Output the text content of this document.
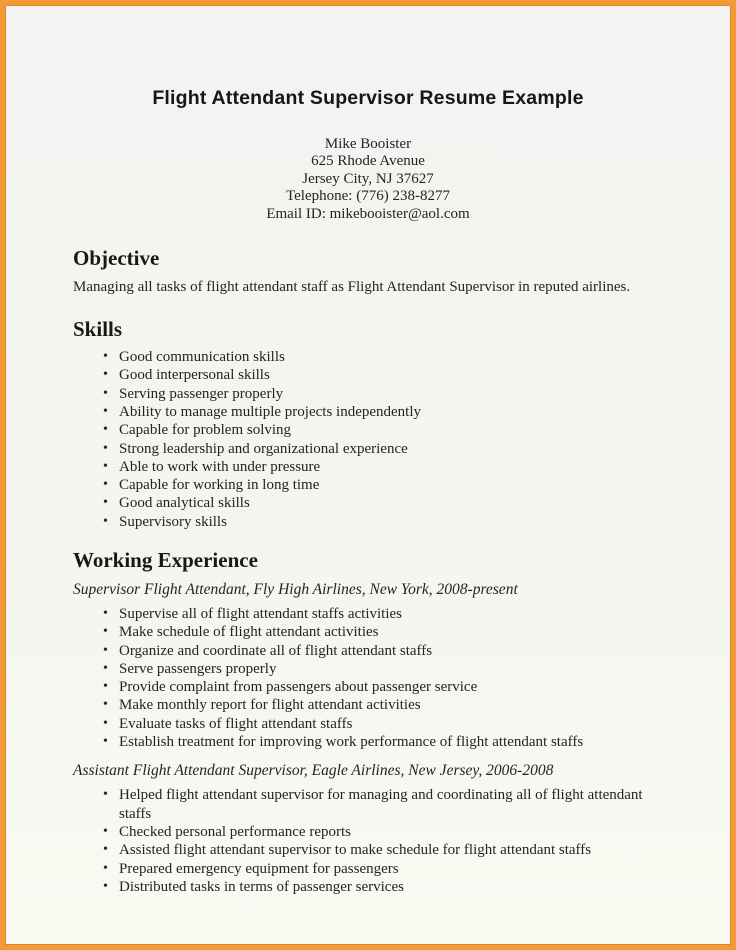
Flight Attendant Supervisor Resume Example
Mike Booister
625 Rhode Avenue
Jersey City, NJ 37627
Telephone: (776) 238-8277
Email ID: mikebooister@aol.com
Objective
Managing all tasks of flight attendant staff as Flight Attendant Supervisor in reputed airlines.
Skills
• Good communication skills
• Good interpersonal skills
• Serving passenger properly
• Ability to manage multiple projects independently
• Capable for problem solving
• Strong leadership and organizational experience
• Able to work with under pressure
• Capable for working in long time
• Good analytical skills
• Supervisory skills
Working Experience
Supervisor Flight Attendant, Fly High Airlines, New York, 2008-present
• Supervise all of flight attendant staffs activities
• Make schedule of flight attendant activities
• Organize and coordinate all of flight attendant staffs
• Serve passengers properly
• Provide complaint from passengers about passenger service
• Make monthly report for flight attendant activities
• Evaluate tasks of flight attendant staffs
• Establish treatment for improving work performance of flight attendant staffs
Assistant Flight Attendant Supervisor, Eagle Airlines, New Jersey, 2006-2008
• Helped flight attendant supervisor for managing and coordinating all of flight attendant staffs
• Checked personal performance reports
• Assisted flight attendant supervisor to make schedule for flight attendant staffs
• Prepared emergency equipment for passengers
• Distributed tasks in terms of passenger services
